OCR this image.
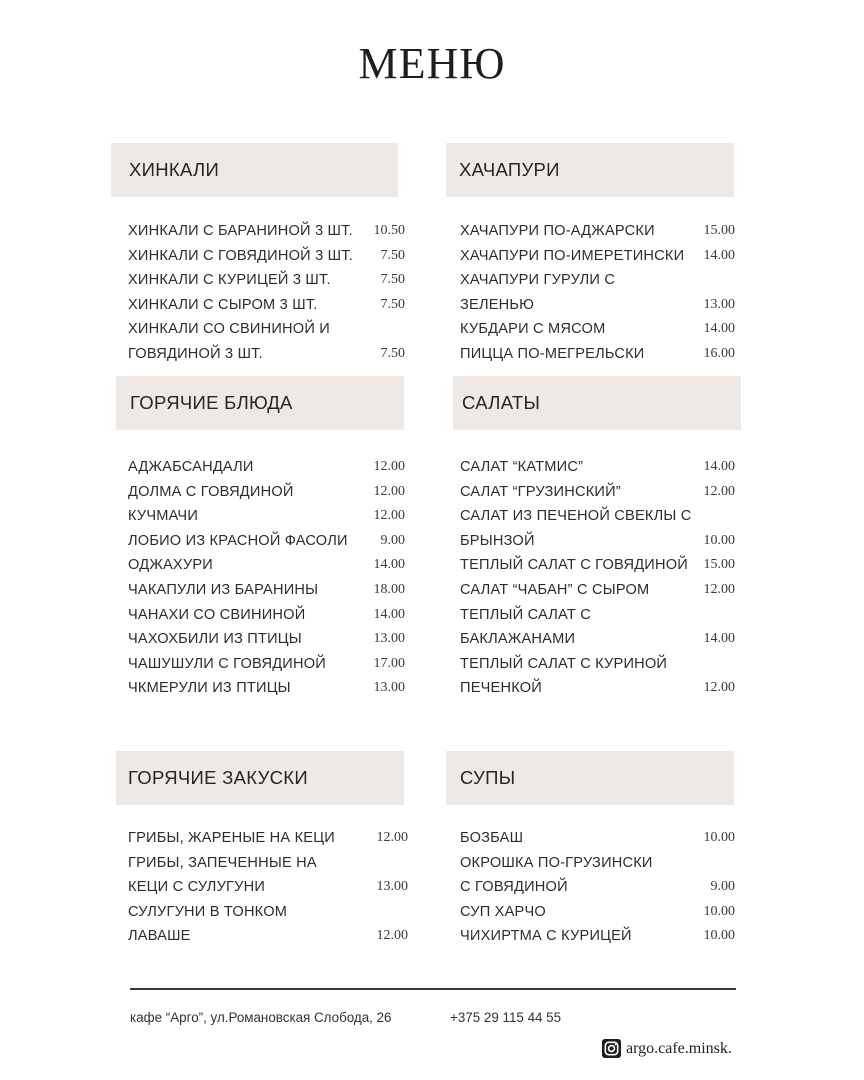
МЕНЮ
ХИНКАЛИ
ХИНКАЛИ С БАРАНИНОЙ 3 ШТ. 10.50
ХИНКАЛИ С ГОВЯДИНОЙ 3 ШТ. 7.50
ХИНКАЛИ С КУРИЦЕЙ 3 ШТ.	7.50
ХИНКАЛИ С СЫРОМ 3 ШТ.	7.50
ХИНКАЛИ СО СВИНИНОЙ И
ГОВЯДИНОЙ 3 ШТ.	7.50
ХАЧАПУРИ
ХАЧАПУРИ ПО-АДЖАРСКИ	15.00
ХАЧАПУРИ ПО-ИМЕРЕТИНСКИ 14.00
ХАЧАПУРИ ГУРУЛИ С
ЗЕЛЕНЬЮ	13.00
КУБДАРИ С МЯСОМ	14.00
ПИЦЦА ПО-МЕГРЕЛЬСКИ	16.00
ГОРЯЧИЕ БЛЮДА
АДЖАБСАНДАЛИ	12.00
ДОЛМА С ГОВЯДИНОЙ	12.00
КУЧМАЧИ	12.00
ЛОБИО ИЗ КРАСНОЙ ФАСОЛИ 9.00
ОДЖАХУРИ	14.00
ЧАКАПУЛИ ИЗ БАРАНИНЫ	18.00
ЧАНАХИ СО СВИНИНОЙ	14.00
ЧАХОХБИЛИ ИЗ ПТИЦЫ	13.00
ЧАШУШУЛИ С ГОВЯДИНОЙ	17.00
ЧКМЕРУЛИ ИЗ ПТИЦЫ	13.00
САЛАТЫ
САЛАТ “КАТМИС”	14.00
САЛАТ “ГРУЗИНСКИЙ”	12.00
САЛАТ ИЗ ПЕЧЕНОЙ СВЕКЛЫ С
БРЫНЗОЙ	10.00
ТЕПЛЫЙ САЛАТ С ГОВЯДИНОЙ 15.00
САЛАТ “ЧАБАН” С СЫРОМ	12.00
ТЕПЛЫЙ САЛАТ С
БАКЛАЖАНАМИ	14.00
ТЕПЛЫЙ САЛАТ С КУРИНОЙ
ПЕЧЕНКОЙ	12.00
ГОРЯЧИЕ ЗАКУСКИ
ГРИБЫ, ЖАРЕНЫЕ НА КЕЦИ	12.00
ГРИБЫ, ЗАПЕЧЕННЫЕ НА
КЕЦИ С СУЛУГУНИ	13.00
СУЛУГУНИ В ТОНКОМ
ЛАВАШЕ	12.00
СУПЫ
БОЗБАШ	10.00
ОКРОШКА ПО-ГРУЗИНСКИ
С ГОВЯДИНОЙ	9.00
СУП ХАРЧО	10.00
ЧИХИРТМА С КУРИЦЕЙ	10.00
кафе “Арго”, ул.Романовская Слобода, 26	+375 29 115 44 55
argo.cafe.minsk.
